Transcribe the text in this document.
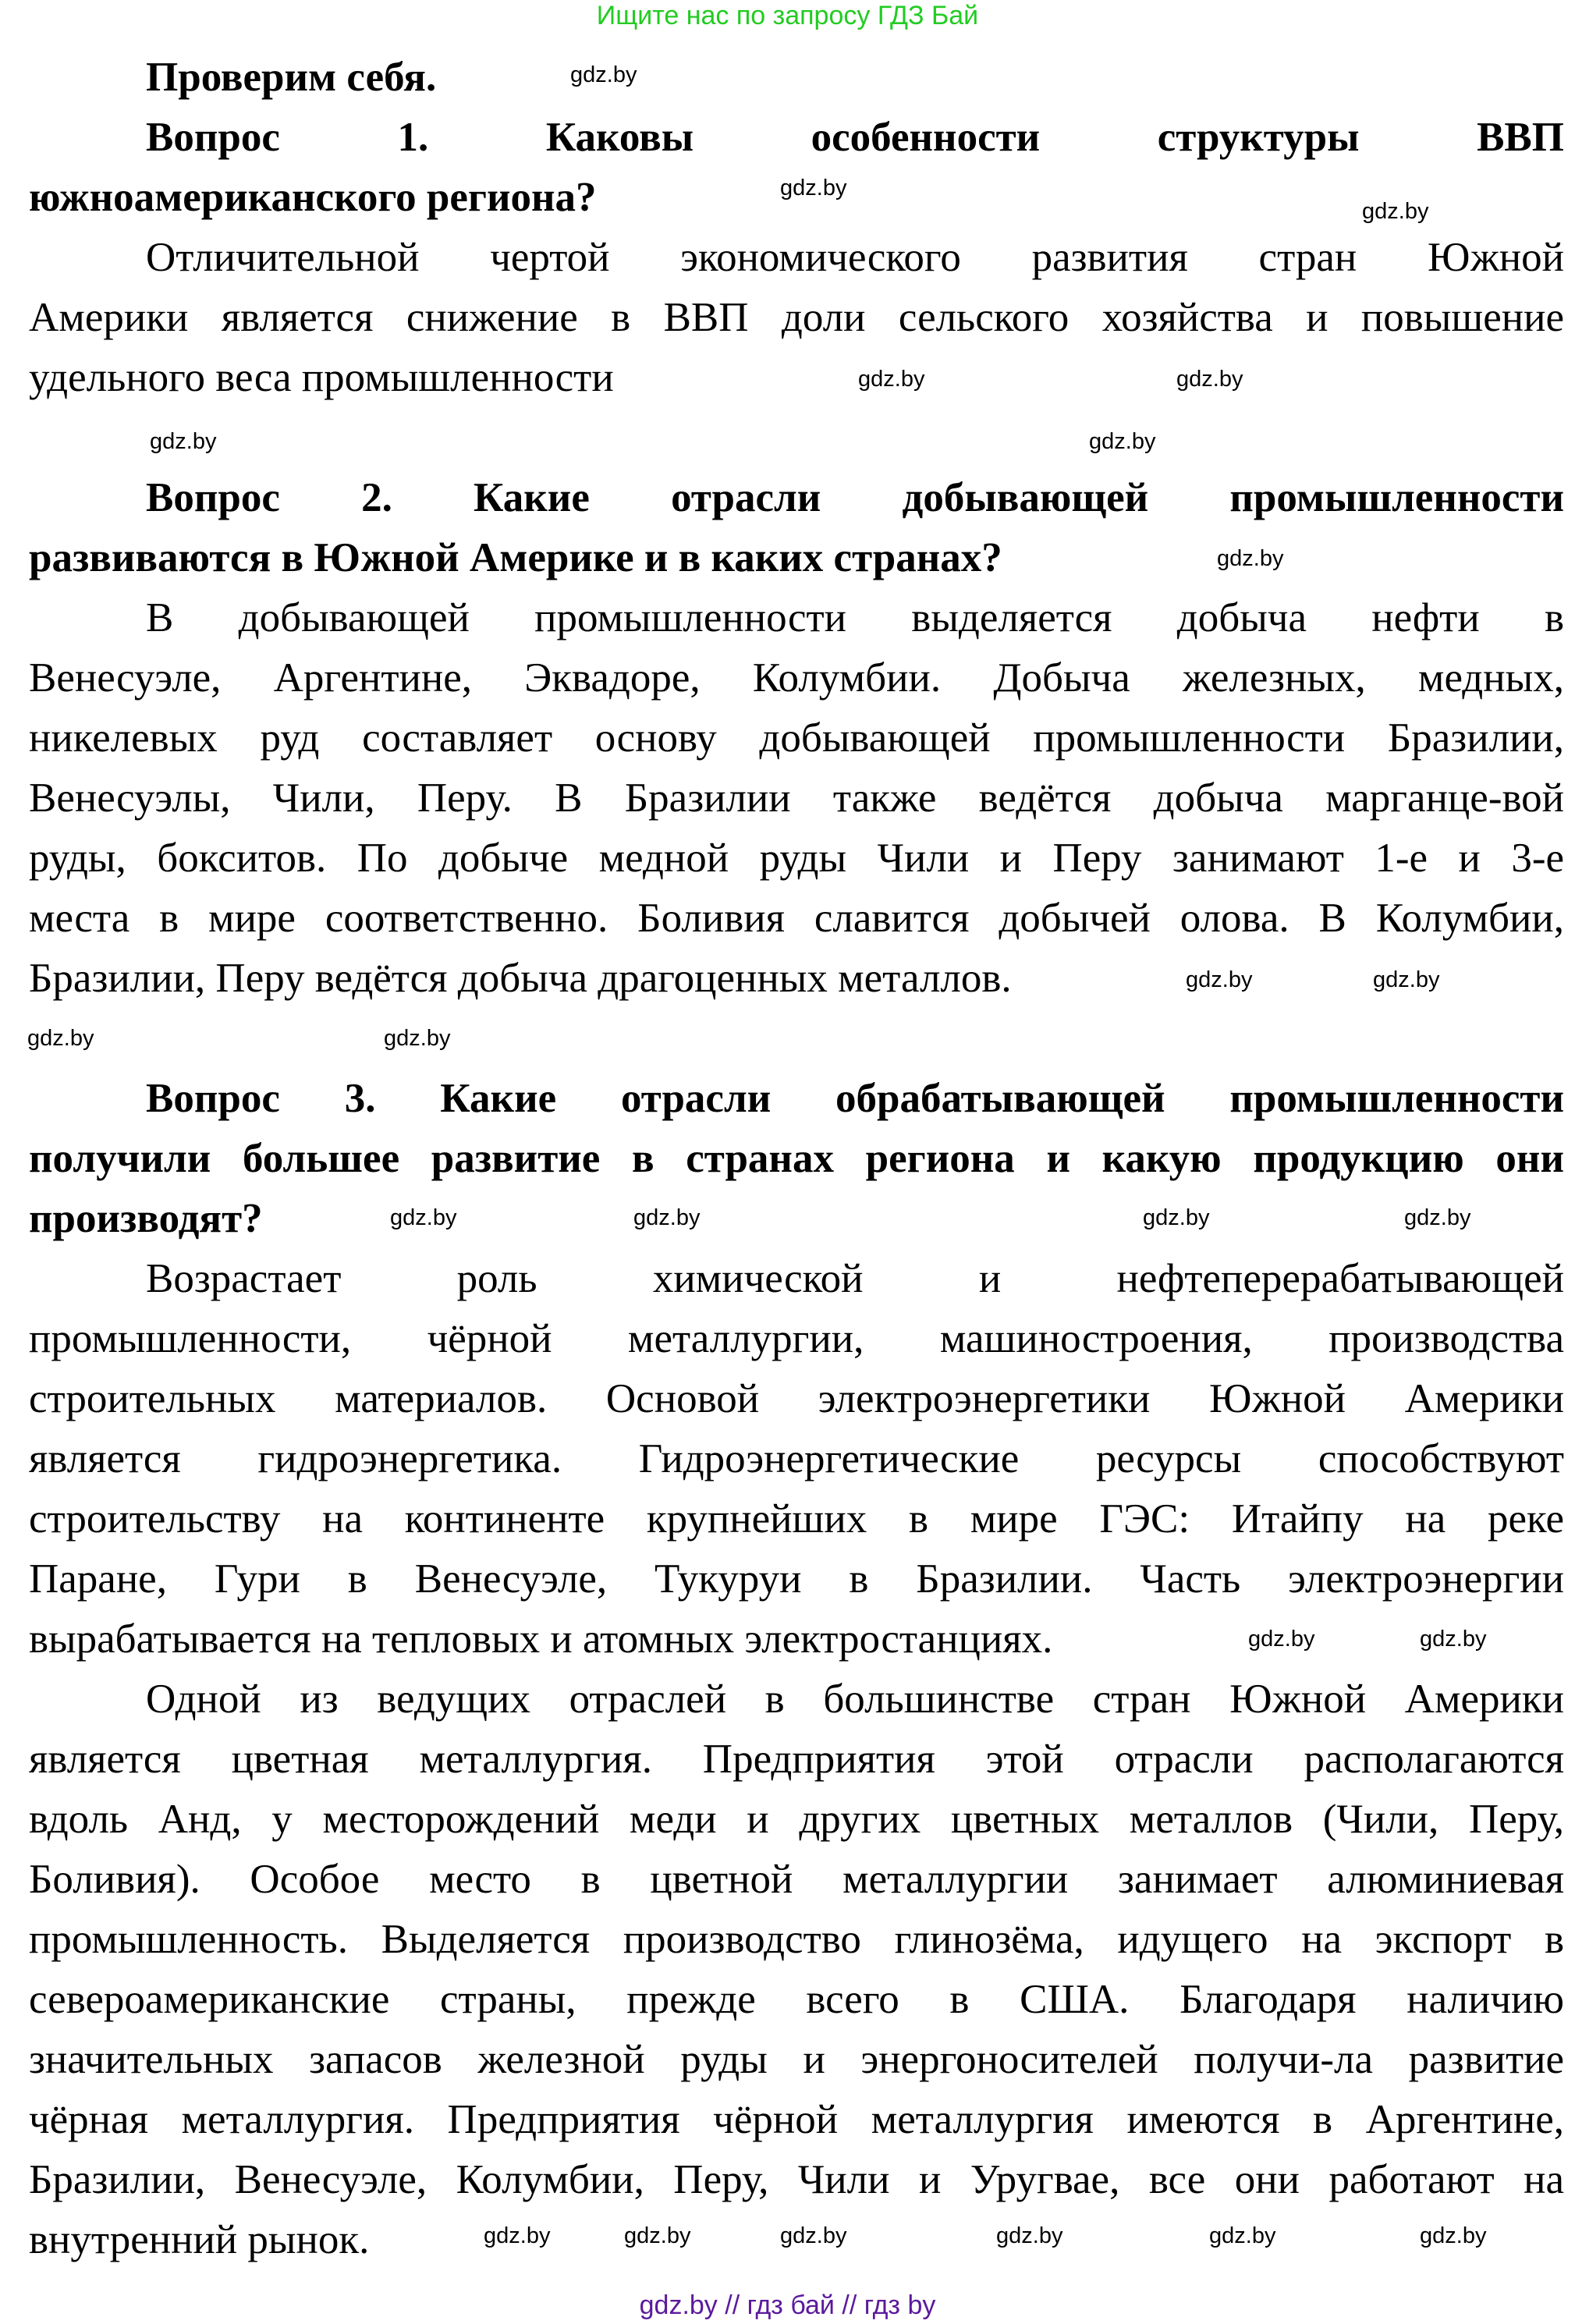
Ищите нас по запросу ГДЗ Бай
Проверим себя.
Вопрос 1. Каковы особенности структуры ВВП
южноамериканского региона?
Отличительной чертой экономического развития стран Южной
Америки является снижение в ВВП доли сельского хозяйства и повышение
удельного веса промышленности
Вопрос 2. Какие отрасли добывающей промышленности
развиваются в Южной Америке и в каких странах?
В добывающей промышленности выделяется добыча нефти в
Венесуэле, Аргентине, Эквадоре, Колумбии. Добыча железных, медных,
никелевых руд составляет основу добывающей промышленности Бразилии,
Венесуэлы, Чили, Перу. В Бразилии также ведётся добыча марганце-вой
руды, бокситов. По добыче медной руды Чили и Перу занимают 1-е и 3-е
места в мире соответственно. Боливия славится добычей олова. В Колумбии,
Бразилии, Перу ведётся добыча драгоценных металлов.
Вопрос 3. Какие отрасли обрабатывающей промышленности
получили большее развитие в странах региона и какую продукцию они
производят?
Возрастает роль химической и нефтеперерабатывающей
промышленности, чёрной металлургии, машиностроения, производства
строительных материалов. Основой электроэнергетики Южной Америки
является гидроэнергетика. Гидроэнергетические ресурсы способствуют
строительству на континенте крупнейших в мире ГЭС: Итайпу на реке
Паране, Гури в Венесуэле, Тукуруи в Бразилии. Часть электроэнергии
вырабатывается на тепловых и атомных электростанциях.
Одной из ведущих отраслей в большинстве стран Южной Америки
является цветная металлургия. Предприятия этой отрасли располагаются
вдоль Анд, у месторождений меди и других цветных металлов (Чили, Перу,
Боливия). Особое место в цветной металлургии занимает алюминиевая
промышленность. Выделяется производство глинозёма, идущего на экспорт в
североамериканские страны, прежде всего в США. Благодаря наличию
значительных запасов железной руды и энергоносителей получи-ла развитие
чёрная металлургия. Предприятия чёрной металлургия имеются в Аргентине,
Бразилии, Венесуэле, Колумбии, Перу, Чили и Уругвае, все они работают на
внутренний рынок.
gdz.by
gdz.by
gdz.by
gdz.by	gdz.by
gdz.by
gdz.by
gdz.by
gdz.by	gdz.by
gdz.by	gdz.by
gdz.by
gdz.by	gdz.by	gdz.by
gdz.by	gdz.by
gdz.by	gdz.by	gdz.by
gdz.by	gdz.by
gdz.by
gdz.by // гдз бай // гдз by
